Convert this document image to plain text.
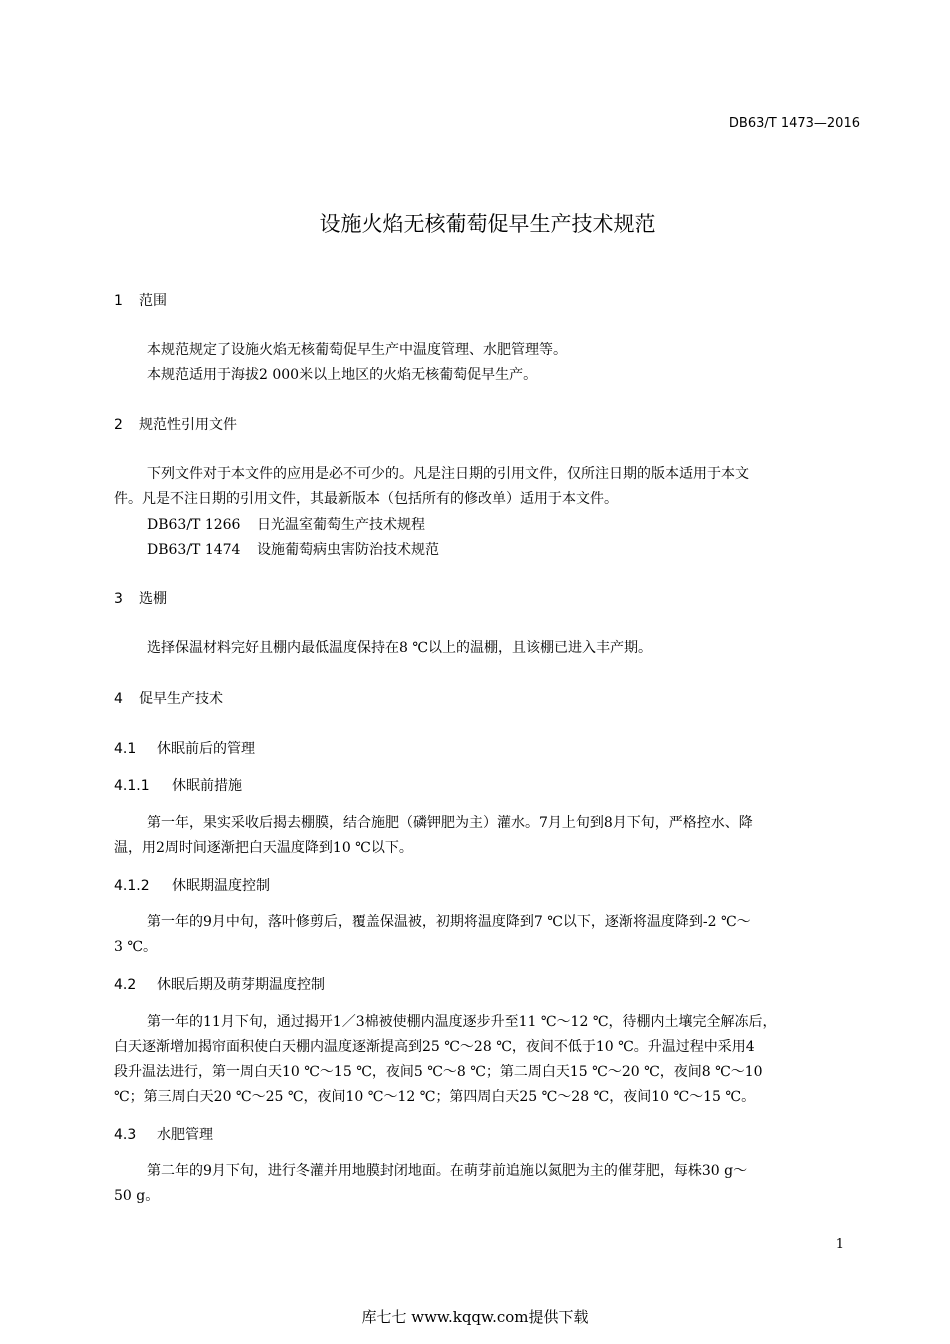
DB63/T 1473—2016
设施火焰无核葡萄促早生产技术规范
1 范围
本规范规定了设施火焰无核葡萄促早生产中温度管理、水肥管理等。
本规范适用于海拔2 000米以上地区的火焰无核葡萄促早生产。
2 规范性引用文件
下列文件对于本文件的应用是必不可少的。凡是注日期的引用文件，仅所注日期的版本适用于本文
件。凡是不注日期的引用文件，其最新版本（包括所有的修改单）适用于本文件。
DB63/T 1266 日光温室葡萄生产技术规程
DB63/T 1474 设施葡萄病虫害防治技术规范
3 选棚
选择保温材料完好且棚内最低温度保持在8 ℃以上的温棚，且该棚已进入丰产期。
4 促早生产技术
4.1 休眠前后的管理
4.1.1 休眠前措施
第一年，果实采收后揭去棚膜，结合施肥（磷钾肥为主）灌水。7月上旬到8月下旬，严格控水、降
温，用2周时间逐渐把白天温度降到10 ℃以下。
4.1.2 休眠期温度控制
第一年的9月中旬，落叶修剪后，覆盖保温被，初期将温度降到7 ℃以下，逐渐将温度降到-2 ℃～
3 ℃。
4.2 休眠后期及萌芽期温度控制
第一年的11月下旬，通过揭开1／3棉被使棚内温度逐步升至11 ℃～12 ℃，待棚内土壤完全解冻后，
白天逐渐增加揭帘面积使白天棚内温度逐渐提高到25 ℃～28 ℃，夜间不低于10 ℃。升温过程中采用4
段升温法进行，第一周白天10 ℃～15 ℃，夜间5 ℃～8 ℃；第二周白天15 ℃～20 ℃，夜间8 ℃～10
℃；第三周白天20 ℃～25 ℃，夜间10 ℃～12 ℃；第四周白天25 ℃～28 ℃，夜间10 ℃～15 ℃。
4.3 水肥管理
第二年的9月下旬，进行冬灌并用地膜封闭地面。在萌芽前追施以氮肥为主的催芽肥，每株30 g～
50 g。
1
库七七 www.kqqw.com提供下载
